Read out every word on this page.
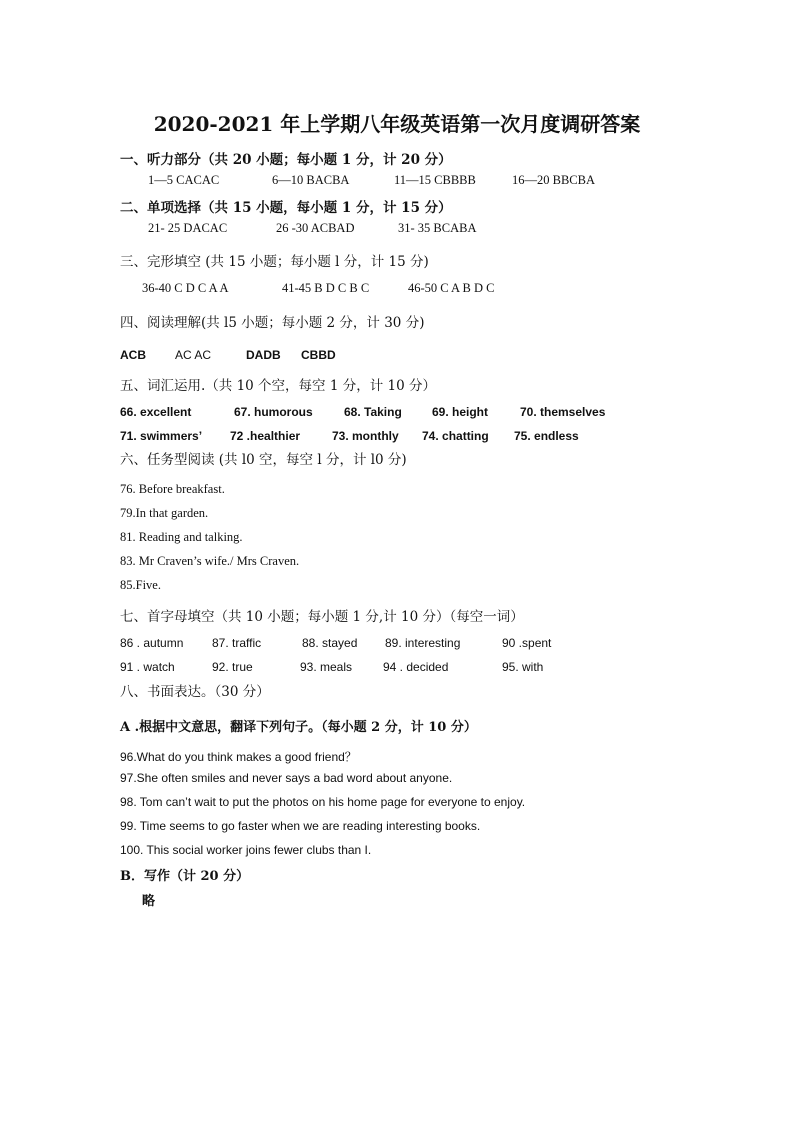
2020-2021 年上学期八年级英语第一次月度调研答案
一、听力部分（共 20 小题；每小题 1 分，计 20 分）
1—5 CACAC	6—10 BACBA	11—15 CBBBB	16—20 BBCBA
二、单项选择（共 15 小题，每小题 1 分，计 15 分）
21- 25 DACAC	26 -30 ACBAD	31- 35 BCABA
三、完形填空 (共 15 小题；每小题 l 分，计 15 分)
36-40 C D C A A	41-45 B D C B C	46-50 C A B D C
四、阅读理解(共 l5 小题；每小题 2 分，计 30 分)
ACB AC AC	DADB CBBD
五、词汇运用.（共 10 个空，每空 1 分，计 10 分）
66. excellent	67. humorous	68. Taking	69. height	70. themselves
71. swimmers’ 72 .healthier	73. monthly 74. chatting 75. endless
六、任务型阅读 (共 l0 空，每空 l 分，计 l0 分)
76. Before breakfast.
79.In that garden.
81. Reading and talking.
83. Mr Craven’s wife./ Mrs Craven.
85.Five.
七、首字母填空（共 10 小题；每小题 1 分,计 10 分）（每空一词）
86 . autumn 87. traffic	88. stayed 89. interesting	90 .spent
91 . watch	92. true	93. meals	94 . decided	95. with
八、书面表达。（30 分）
A .根据中文意思，翻译下列句子。（每小题 2 分，计 10 分）
96.What do you think makes a good friend？
97.She often smiles and never says a bad word about anyone.
98. Tom can’t wait to put the photos on his home page for everyone to enjoy.
99. Time seems to go faster when we are reading interesting books.
100. This social worker joins fewer clubs than I.
B．写作（计 20 分）
略
